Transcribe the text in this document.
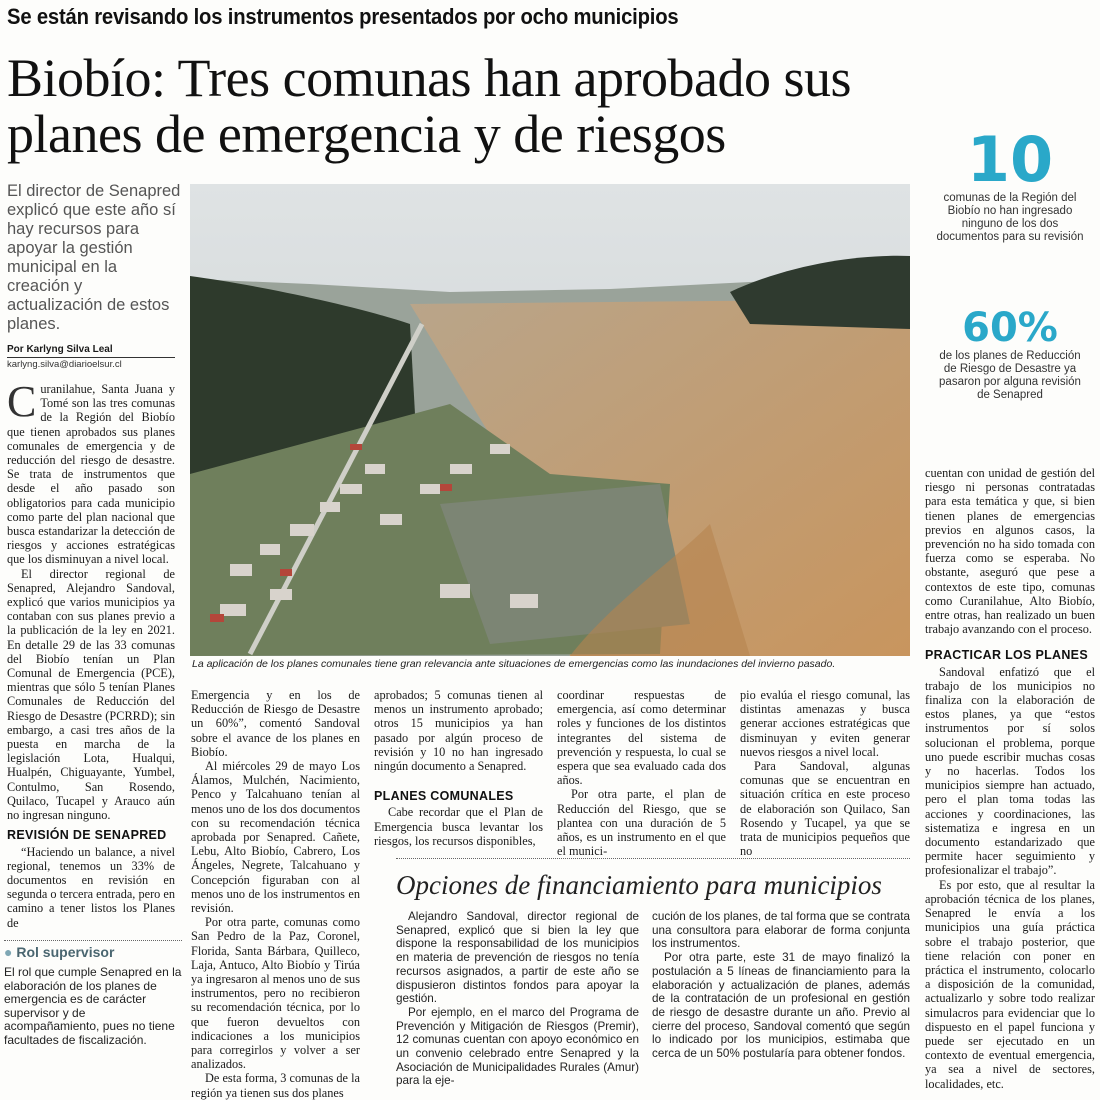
Se están revisando los instrumentos presentados por ocho municipios
Biobío: Tres comunas han aprobado sus planes de emergencia y de riesgos
El director de Senapred explicó que este año sí hay recursos para apoyar la gestión municipal en la creación y actualización de estos planes.
Por Karlyng Silva Leal
karlyng.silva@diarioelsur.cl

Curanilahue, Santa Juana y Tomé son las tres comunas de la Región del Biobío que tienen aprobados sus planes comunales de emergencia y de reducción del riesgo de desastre. Se trata de instrumentos que desde el año pasado son obligatorios para cada municipio como parte del plan nacional que busca estandarizar la detección de riesgos y acciones estratégicas que los disminuyan a nivel local.

El director regional de Senapred, Alejandro Sandoval, explicó que varios municipios ya contaban con sus planes previo a la publicación de la ley en 2021. En detalle 29 de las 33 comunas del Biobío tenían un Plan Comunal de Emergencia (PCE), mientras que sólo 5 tenían Planes Comunales de Reducción del Riesgo de Desastre (PCRRD); sin embargo, a casi tres años de la puesta en marcha de la legislación Lota, Hualqui, Hualpén, Chiguayante, Yumbel, Contulmo, San Rosendo, Quilaco, Tucapel y Arauco aún no ingresan ninguno.

REVISIÓN DE SENAPRED

“Haciendo un balance, a nivel regional, tenemos un 33% de documentos en revisión en segunda o tercera entrada, pero en camino a tener listos los Planes de

● Rol supervisor
El rol que cumple Senapred en la elaboración de los planes de emergencia es de carácter supervisor y de acompañamiento, pues no tiene facultades de fiscalización.
La aplicación de los planes comunales tiene gran relevancia ante situaciones de emergencias como las inundaciones del invierno pasado.
10
comunas de la Región del Biobío no han ingresado ninguno de los dos documentos para su revisión
60%
de los planes de Reducción de Riesgo de Desastre ya pasaron por alguna revisión de Senapred

Emergencia y en los de Reducción de Riesgo de Desastre un 60%”, comentó Sandoval sobre el avance de los planes en Biobío.

Al miércoles 29 de mayo Los Álamos, Mulchén, Nacimiento, Penco y Talcahuano tenían al menos uno de los dos documentos con su recomendación técnica aprobada por Senapred. Cañete, Lebu, Alto Biobío, Cabrero, Los Ángeles, Negrete, Talcahuano y Concepción figuraban con al menos uno de los instrumentos en revisión.

Por otra parte, comunas como San Pedro de la Paz, Coronel, Florida, Santa Bárbara, Quilleco, Laja, Antuco, Alto Biobío y Tirúa ya ingresaron al menos uno de sus instrumentos, pero no recibieron su recomendación técnica, por lo que fueron devueltos con indicaciones a los municipios para corregirlos y volver a ser analizados.

De esta forma, 3 comunas de la región ya tienen sus dos planes

aprobados; 5 comunas tienen al menos un instrumento aprobado; otros 15 municipios ya han pasado por algún proceso de revisión y 10 no han ingresado ningún documento a Senapred.

PLANES COMUNALES

Cabe recordar que el Plan de Emergencia busca levantar los riesgos, los recursos disponibles,

coordinar respuestas de emergencia, así como determinar roles y funciones de los distintos integrantes del sistema de prevención y respuesta, lo cual se espera que sea evaluado cada dos años.

Por otra parte, el plan de Reducción del Riesgo, que se plantea con una duración de 5 años, es un instrumento en el que el munici-

pio evalúa el riesgo comunal, las distintas amenazas y busca generar acciones estratégicas que disminuyan y eviten generar nuevos riesgos a nivel local.

Para Sandoval, algunas comunas que se encuentran en situación crítica en este proceso de elaboración son Quilaco, San Rosendo y Tucapel, ya que se trata de municipios pequeños que no

cuentan con unidad de gestión del riesgo ni personas contratadas para esta temática y que, si bien tienen planes de emergencias previos en algunos casos, la prevención no ha sido tomada con fuerza como se esperaba. No obstante, aseguró que pese a contextos de este tipo, comunas como Curanilahue, Alto Biobío, entre otras, han realizado un buen trabajo avanzando con el proceso.

PRACTICAR LOS PLANES

Sandoval enfatizó que el trabajo de los municipios no finaliza con la elaboración de estos planes, ya que “estos instrumentos por sí solos solucionan el problema, porque uno puede escribir muchas cosas y no hacerlas. Todos los municipios siempre han actuado, pero el plan toma todas las acciones y coordinaciones, las sistematiza e ingresa en un documento estandarizado que permite hacer seguimiento y profesionalizar el trabajo”.

Es por esto, que al resultar la aprobación técnica de los planes, Senapred le envía a los municipios una guía práctica sobre el trabajo posterior, que tiene relación con poner en práctica el instrumento, colocarlo a disposición de la comunidad, actualizarlo y sobre todo realizar simulacros para evidenciar que lo dispuesto en el papel funciona y puede ser ejecutado en un contexto de eventual emergencia, ya sea a nivel de sectores, localidades, etc.

Opciones de financiamiento para municipios

Alejandro Sandoval, director regional de Senapred, explicó que si bien la ley que dispone la responsabilidad de los municipios en materia de prevención de riesgos no tenía recursos asignados, a partir de este año se dispusieron distintos fondos para apoyar la gestión.

Por ejemplo, en el marco del Programa de Prevención y Mitigación de Riesgos (Premir), 12 comunas cuentan con apoyo económico en un convenio celebrado entre Senapred y la Asociación de Municipalidades Rurales (Amur) para la eje-

cución de los planes, de tal forma que se contrata una consultora para elaborar de forma conjunta los instrumentos.

Por otra parte, este 31 de mayo finalizó la postulación a 5 líneas de financiamiento para la elaboración y actualización de planes, además de la contratación de un profesional en gestión de riesgo de desastre durante un año. Previo al cierre del proceso, Sandoval comentó que según lo indicado por los municipios, estimaba que cerca de un 50% postularía para obtener fondos.
